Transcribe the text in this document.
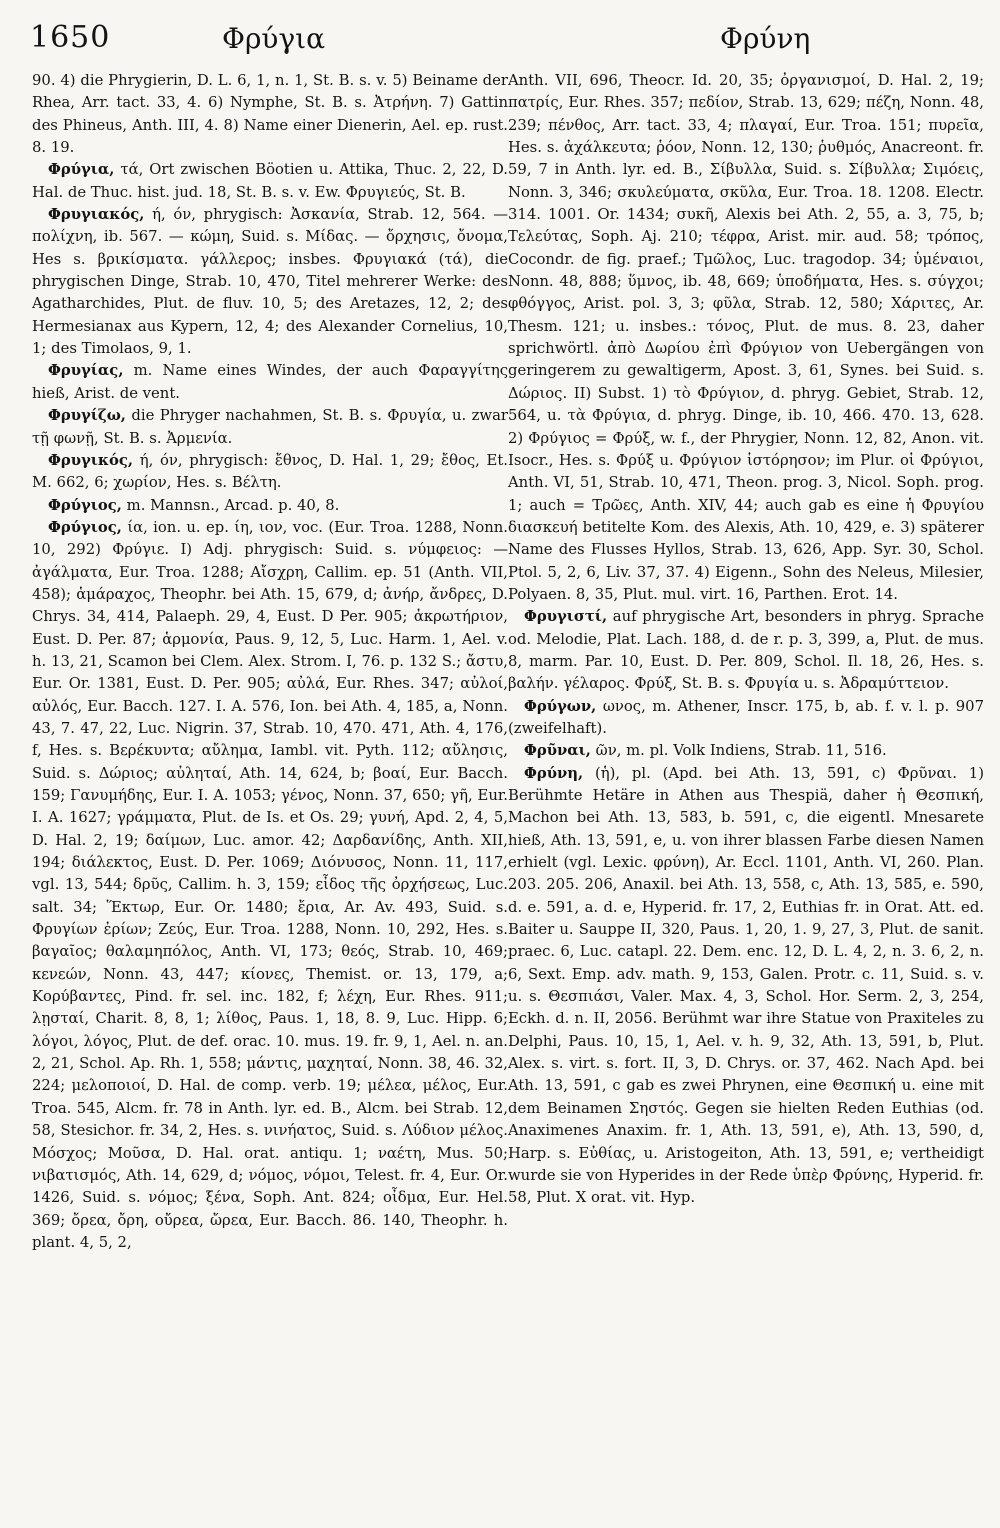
1650	Φρύγια	Φρύνη

90. 4) die Phrygierin, D. L. 6, 1, n. 1, St. B. s. v. 5) Beiname der Rhea, Arr. tact. 33, 4. 6) Nymphe, St. B. s. Ἀτρήνη. 7) Gattin des Phineus, Anth. III, 4. 8) Name einer Dienerin, Ael. ep. rust. 8. 19.

Φρύγια, τά, Ort zwischen Böotien u. Attika, Thuc. 2, 22, D. Hal. de Thuc. hist. jud. 18, St. B. s. v. Ew. Φρυγιεύς, St. B.

Φρυγιακός, ή, όν, phrygisch: Ἀσκανία, Strab. 12, 564. — πολίχνη, ib. 567. — κώμη, Suid. s. Μίδας. — ὄρχησις, ὄνομα, Hes s. βρικίσματα. γάλλερος; insbes. Φρυγιακά (τά), die phrygischen Dinge, Strab. 10, 470, Titel mehrerer Werke: des Agatharchides, Plut. de fluv. 10, 5; des Aretazes, 12, 2; des Hermesianax aus Kypern, 12, 4; des Alexander Cornelius, 10, 1; des Timolaos, 9, 1.

Φρυγίας, m. Name eines Windes, der auch Φαραγγίτης hieß, Arist. de vent.

Φρυγίζω, die Phryger nachahmen, St. B. s. Φρυγία, u. zwar τῇ φωνῇ, St. B. s. Ἀρμενία.

Φρυγικός, ή, όν, phrygisch: ἔθνος, D. Hal. 1, 29; ἔθος, Et. M. 662, 6; χωρίον, Hes. s. Βέλτη.

Φρύγιος, m. Mannsn., Arcad. p. 40, 8.

Φρύγιος, ία, ion. u. ep. ίη, ιον, voc. (Eur. Troa. 1288, Nonn. 10, 292) Φρύγιε. I) Adj. phrygisch: Suid. s. νύμφειος: — ἀγάλματα, Eur. Troa. 1288; Αἴσχρη, Callim. ep. 51 (Anth. VII, 458); ἁμάραχος, Theophr. bei Ath. 15, 679, d; ἀνήρ, ἄνδρες, D. Chrys. 34, 414, Palaeph. 29, 4, Eust. D Per. 905; ἀκρωτήριον, Eust. D. Per. 87; ἁρμονία, Paus. 9, 12, 5, Luc. Harm. 1, Ael. v. h. 13, 21, Scamon bei Clem. Alex. Strom. I, 76. p. 132 S.; ἄστυ, Eur. Or. 1381, Eust. D. Per. 905; αὐλά, Eur. Rhes. 347; αὐλοί, αὐλός, Eur. Bacch. 127. I. A. 576, Ion. bei Ath. 4, 185, a, Nonn. 43, 7. 47, 22, Luc. Nigrin. 37, Strab. 10, 470. 471, Ath. 4, 176, f, Hes. s. Βερέκυντα; αὔλημα, Iambl. vit. Pyth. 112; αὔλησις, Suid. s. Δώριος; αὐληταί, Ath. 14, 624, b; βοαί, Eur. Bacch. 159; Γανυμήδης, Eur. I. A. 1053; γένος, Nonn. 37, 650; γῆ, Eur. I. A. 1627; γράμματα, Plut. de Is. et Os. 29; γυνή, Apd. 2, 4, 5, D. Hal. 2, 19; δαίμων, Luc. amor. 42; Δαρδανίδης, Anth. XII, 194; διάλεκτος, Eust. D. Per. 1069; Διόνυσος, Nonn. 11, 117, vgl. 13, 544; δρῦς, Callim. h. 3, 159; εἶδος τῆς ὀρχήσεως, Luc. salt. 34; Ἕκτωρ, Eur. Or. 1480; ἔρια, Ar. Av. 493, Suid. s. Φρυγίων ἐρίων; Ζεύς, Eur. Troa. 1288, Nonn. 10, 292, Hes. s. βαγαῖος; θαλαμηπόλος, Anth. VI, 173; θεός, Strab. 10, 469; κενεών, Nonn. 43, 447; κίονες, Themist. or. 13, 179, a; Κορύβαντες, Pind. fr. sel. inc. 182, f; λέχη, Eur. Rhes. 911; λῃσταί, Charit. 8, 8, 1; λίθος, Paus. 1, 18, 8. 9, Luc. Hipp. 6; λόγοι, λόγος, Plut. de def. orac. 10. mus. 19. fr. 9, 1, Ael. n. an. 2, 21, Schol. Ap. Rh. 1, 558; μάντις, μαχηταί, Nonn. 38, 46. 32, 224; μελοποιοί, D. Hal. de comp. verb. 19; μέλεα, μέλος, Eur. Troa. 545, Alcm. fr. 78 in Anth. lyr. ed. B., Alcm. bei Strab. 12, 58, Stesichor. fr. 34, 2, Hes. s. νινήατος, Suid. s. Λύδιον μέλος. Μόσχος; Μοῦσα, D. Hal. orat. antiqu. 1; ναέτη, Mus. 50; νιβατισμός, Ath. 14, 629, d; νόμος, νόμοι, Telest. fr. 4, Eur. Or. 1426, Suid. s. νόμος; ξένα, Soph. Ant. 824; οἶδμα, Eur. Hel. 369; ὄρεα, ὄρη, οὔρεα, ὤρεα, Eur. Bacch. 86. 140, Theophr. h. plant. 4, 5, 2,

Anth. VII, 696, Theocr. Id. 20, 35; ὀργανισμοί, D. Hal. 2, 19; πατρίς, Eur. Rhes. 357; πεδίον, Strab. 13, 629; πέζη, Nonn. 48, 239; πένθος, Arr. tact. 33, 4; πλαγαί, Eur. Troa. 151; πυρεῖα, Hes. s. ἀχάλκευτα; ῥόον, Nonn. 12, 130; ῥυθμός, Anacreont. fr. 59, 7 in Anth. lyr. ed. B., Σίβυλλα, Suid. s. Σίβυλλα; Σιμόεις, Nonn. 3, 346; σκυλεύματα, σκῦλα, Eur. Troa. 18. 1208. Electr. 314. 1001. Or. 1434; συκῆ, Alexis bei Ath. 2, 55, a. 3, 75, b; Τελεύτας, Soph. Aj. 210; τέφρα, Arist. mir. aud. 58; τρόπος, Cocondr. de fig. praef.; Τμῶλος, Luc. tragodop. 34; ὑμέναιοι, Nonn. 48, 888; ὕμνος, ib. 48, 669; ὑποδήματα, Hes. s. σύγχοι; φθόγγος, Arist. pol. 3, 3; φῦλα, Strab. 12, 580; Χάριτες, Ar. Thesm. 121; u. insbes.: τόνος, Plut. de mus. 8. 23, daher sprichwörtl. ἀπὸ Δωρίου ἐπὶ Φρύγιον von Uebergängen von geringerem zu gewaltigerm, Apost. 3, 61, Synes. bei Suid. s. Δώριος. II) Subst. 1) τὸ Φρύγιον, d. phryg. Gebiet, Strab. 12, 564, u. τὰ Φρύγια, d. phryg. Dinge, ib. 10, 466. 470. 13, 628. 2) Φρύγιος = Φρύξ, w. f., der Phrygier, Nonn. 12, 82, Anon. vit. Isocr., Hes. s. Φρύξ u. Φρύγιον ἱστόρησον; im Plur. οἱ Φρύγιοι, Anth. VI, 51, Strab. 10, 471, Theon. prog. 3, Nicol. Soph. prog. 1; auch = Τρῶες, Anth. XIV, 44; auch gab es eine ἡ Φρυγίου διασκευή betitelte Kom. des Alexis, Ath. 10, 429, e. 3) späterer Name des Flusses Hyllos, Strab. 13, 626, App. Syr. 30, Schol. Ptol. 5, 2, 6, Liv. 37, 37. 4) Eigenn., Sohn des Neleus, Milesier, Polyaen. 8, 35, Plut. mul. virt. 16, Parthen. Erot. 14.

Φρυγιστί, auf phrygische Art, besonders in phryg. Sprache od. Melodie, Plat. Lach. 188, d. de r. p. 3, 399, a, Plut. de mus. 8, marm. Par. 10, Eust. D. Per. 809, Schol. Il. 18, 26, Hes. s. βαλήν. γέλαρος. Φρύξ, St. B. s. Φρυγία u. s. Ἀδραμύττειον.

Φρύγων, ωνος, m. Athener, Inscr. 175, b, ab. f. v. l. p. 907 (zweifelhaft).

Φρῦναι, ῶν, m. pl. Volk Indiens, Strab. 11, 516.

Φρύνη, (ἡ), pl. (Apd. bei Ath. 13, 591, c) Φρῦναι. 1) Berühmte Hetäre in Athen aus Thespiä, daher ἡ Θεσπική, Machon bei Ath. 13, 583, b. 591, c, die eigentl. Mnesarete hieß, Ath. 13, 591, e, u. von ihrer blassen Farbe diesen Namen erhielt (vgl. Lexic. φρύνη), Ar. Eccl. 1101, Anth. VI, 260. Plan. 203. 205. 206, Anaxil. bei Ath. 13, 558, c, Ath. 13, 585, e. 590, d. e. 591, a. d. e, Hyperid. fr. 17, 2, Euthias fr. in Orat. Att. ed. Baiter u. Sauppe II, 320, Paus. 1, 20, 1. 9, 27, 3, Plut. de sanit. praec. 6, Luc. catapl. 22. Dem. enc. 12, D. L. 4, 2, n. 3. 6, 2, n. 6, Sext. Emp. adv. math. 9, 153, Galen. Protr. c. 11, Suid. s. v. u. s. Θεσπιάσι, Valer. Max. 4, 3, Schol. Hor. Serm. 2, 3, 254, Eckh. d. n. II, 2056. Berühmt war ihre Statue von Praxiteles zu Delphi, Paus. 10, 15, 1, Ael. v. h. 9, 32, Ath. 13, 591, b, Plut. Alex. s. virt. s. fort. II, 3, D. Chrys. or. 37, 462. Nach Apd. bei Ath. 13, 591, c gab es zwei Phrynen, eine Θεσπική u. eine mit dem Beinamen Σηστός. Gegen sie hielten Reden Euthias (od. Anaximenes Anaxim. fr. 1, Ath. 13, 591, e), Ath. 13, 590, d, Harp. s. Εὐθίας, u. Aristogeiton, Ath. 13, 591, e; vertheidigt wurde sie von Hyperides in der Rede ὑπὲρ Φρύνης, Hyperid. fr. 58, Plut. X orat. vit. Hyp.
